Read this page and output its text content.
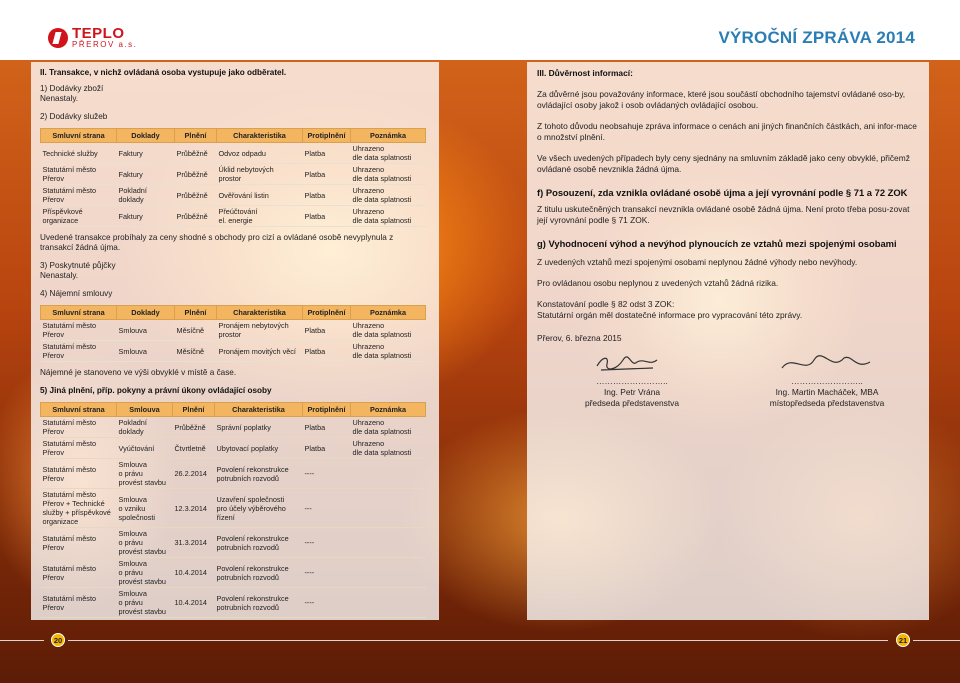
TEPLO
PŘEROV a.s.	VÝROČNÍ ZPRÁVA 2014
II. Transakce, v nichž ovládaná osoba vystupuje jako odběratel.
1) Dodávky zboží
Nenastaly.
2) Dodávky služeb
Smluvní strana	Doklady	Plnění	Charakteristika	Protiplnění	Poznámka
Technické služby	Faktury	Průběžně	Odvoz odpadu	Platba	Uhrazeno
dle data splatnosti
Statutární město
Přerov	Faktury	Průběžně	Úklid nebytových
prostor	Platba	Uhrazeno
dle data splatnosti
Statutární město
Přerov	Pokladní
doklady	Průběžně	Ověřování listin	Platba	Uhrazeno
dle data splatnosti
Příspěvkové
organizace	Faktury	Průběžně	Přeúčtování
el. energie	Platba	Uhrazeno
dle data splatnosti
Uvedené transakce probíhaly za ceny shodné s obchody pro cizí a ovládané osobě nevyplynula z transakcí žádná újma.
3) Poskytnuté půjčky
Nenastaly.
4) Nájemní smlouvy
Smluvní strana	Doklady	Plnění	Charakteristika	Protiplnění	Poznámka
Statutární město
Přerov	Smlouva	Měsíčně	Pronájem nebytových
prostor	Platba	Uhrazeno
dle data splatnosti
Statutární město
Přerov	Smlouva	Měsíčně	Pronájem movitých věcí	Platba	Uhrazeno
dle data splatnosti
Nájemné je stanoveno ve výši obvyklé v místě a čase.
5) Jiná plnění, příp. pokyny a právní úkony ovládající osoby
Smluvní strana	Smlouva	Plnění	Charakteristika	Protiplnění	Poznámka
Statutární město
Přerov	Pokladní
doklady	Průběžně	Správní poplatky	Platba	Uhrazeno
dle data splatnosti
Statutární město
Přerov	Vyúčtování	Čtvrtletně	Ubytovací poplatky	Platba	Uhrazeno
dle data splatnosti
Statutární město
Přerov	Smlouva
o právu
provést stavbu	26.2.2014	Povolení rekonstrukce
potrubních rozvodů	----	
Statutární město
Přerov + Technické
služby + příspěvkové
organizace	Smlouva
o vzniku
společnosti	12.3.2014	Uzavření společnosti
pro účely výběrového
řízení	---	
Statutární město
Přerov	Smlouva
o právu
provést stavbu	31.3.2014	Povolení rekonstrukce
potrubních rozvodů	----	
Statutární město
Přerov	Smlouva
o právu
provést stavbu	10.4.2014	Povolení rekonstrukce
potrubních rozvodů	----	
Statutární město
Přerov	Smlouva
o právu
provést stavbu	10.4.2014	Povolení rekonstrukce
potrubních rozvodů	----	
III. Důvěrnost informací:
Za důvěrné jsou považovány informace, které jsou součástí obchodního tajemství ovládané oso-by, ovládající osoby jakož i osob ovládaných ovládající osobou.
Z tohoto důvodu neobsahuje zpráva informace o cenách ani jiných finančních částkách, ani infor-mace o množství plnění.
Ve všech uvedených případech byly ceny sjednány na smluvním základě jako ceny obvyklé, přičemž ovládané osobě nevznikla žádná újma.
f) Posouzení, zda vznikla ovládané osobě újma a její vyrovnání podle § 71 a 72 ZOK
Z titulu uskutečněných transakcí nevznikla ovládané osobě žádná újma. Není proto třeba posu-zovat její vyrovnání podle § 71 ZOK.
g) Vyhodnocení výhod a nevýhod plynoucích ze vztahů mezi spojenými osobami
Z uvedených vztahů mezi spojenými osobami neplynou žádné výhody nebo nevýhody.
Pro ovládanou osobu neplynou z uvedených vztahů žádná rizika.
Konstatování podle § 82 odst 3 ZOK:
Statutární orgán měl dostatečné informace pro vypracování této zprávy.
Přerov, 6. března 2015
……………………..
Ing. Petr Vrána
předseda představenstva
……………………..
Ing. Martin Macháček, MBA
místopředseda představenstva
20	21
